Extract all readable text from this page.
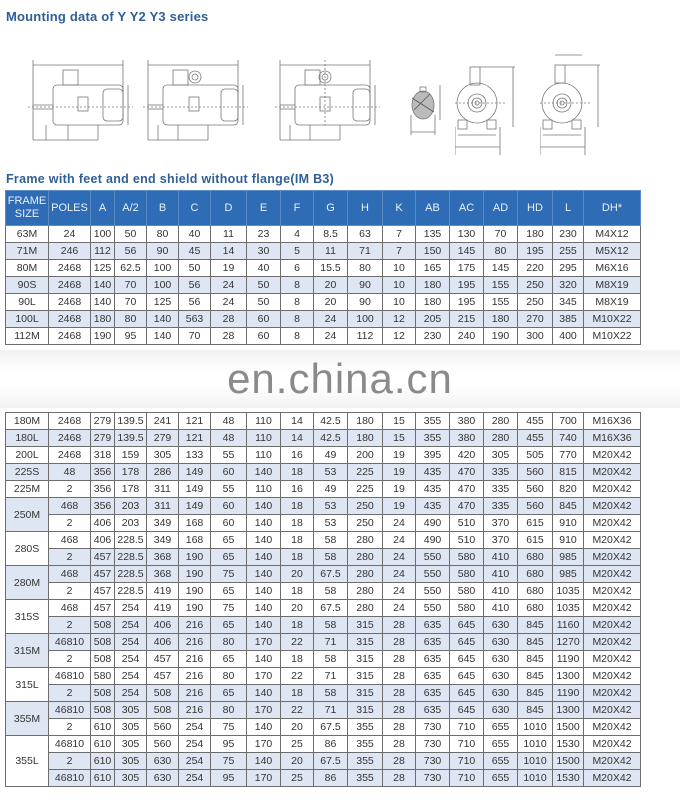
Mounting data of Y Y2 Y3 series
Frame with feet and end shield without flange(IM B3)
FRAME SIZE	POLES	A	A/2	B	C	D	E	F	G	H	K	AB	AC	AD	HD	L	DH*
63M	24	100	50	80	40	11	23	4	8.5	63	7	135	130	70	180	230	M4X12
71M	246	112	56	90	45	14	30	5	11	71	7	150	145	80	195	255	M5X12
80M	2468	125	62.5	100	50	19	40	6	15.5	80	10	165	175	145	220	295	M6X16
90S	2468	140	70	100	56	24	50	8	20	90	10	180	195	155	250	320	M8X19
90L	2468	140	70	125	56	24	50	8	20	90	10	180	195	155	250	345	M8X19
100L	2468	180	80	140	563	28	60	8	24	100	12	205	215	180	270	385	M10X22
112M	2468	190	95	140	70	28	60	8	24	112	12	230	240	190	300	400	M10X22

180M	2468	279	139.5	241	121	48	110	14	42.5	180	15	355	380	280	455	700	M16X36
180L	2468	279	139.5	279	121	48	110	14	42.5	180	15	355	380	280	455	740	M16X36
200L	2468	318	159	305	133	55	110	16	49	200	19	395	420	305	505	770	M20X42
225S	48	356	178	286	149	60	140	18	53	225	19	435	470	335	560	815	M20X42
225M	2	356	178	311	149	55	110	16	49	225	19	435	470	335	560	820	M20X42
250M	468	356	203	311	149	60	140	18	53	250	19	435	470	335	560	845	M20X42
	2	406	203	349	168	60	140	18	53	250	24	490	510	370	615	910	M20X42
280S	468	406	228.5	349	168	65	140	18	58	280	24	490	510	370	615	910	M20X42
	2	457	228.5	368	190	65	140	18	58	280	24	550	580	410	680	985	M20X42
280M	468	457	228.5	368	190	75	140	20	67.5	280	24	550	580	410	680	985	M20X42
	2	457	228.5	419	190	65	140	18	58	280	24	550	580	410	680	1035	M20X42
315S	468	457	254	419	190	75	140	20	67.5	280	24	550	580	410	680	1035	M20X42
	2	508	254	406	216	65	140	18	58	315	28	635	645	630	845	1160	M20X42
315M	46810	508	254	406	216	80	170	22	71	315	28	635	645	630	845	1270	M20X42
	2	508	254	457	216	65	140	18	58	315	28	635	645	630	845	1190	M20X42
315L	46810	580	254	457	216	80	170	22	71	315	28	635	645	630	845	1300	M20X42
	2	508	254	508	216	65	140	18	58	315	28	635	645	630	845	1190	M20X42
355M	46810	508	305	508	216	80	170	22	71	315	28	635	645	630	845	1300	M20X42
	2	610	305	560	254	75	140	20	67.5	355	28	730	710	655	1010	1500	M20X42
355L	46810	610	305	560	254	95	170	25	86	355	28	730	710	655	1010	1530	M20X42
	2	610	305	630	254	75	140	20	67.5	355	28	730	710	655	1010	1500	M20X42
	46810	610	305	630	254	95	170	25	86	355	28	730	710	655	1010	1530	M20X42
en.china.cn
